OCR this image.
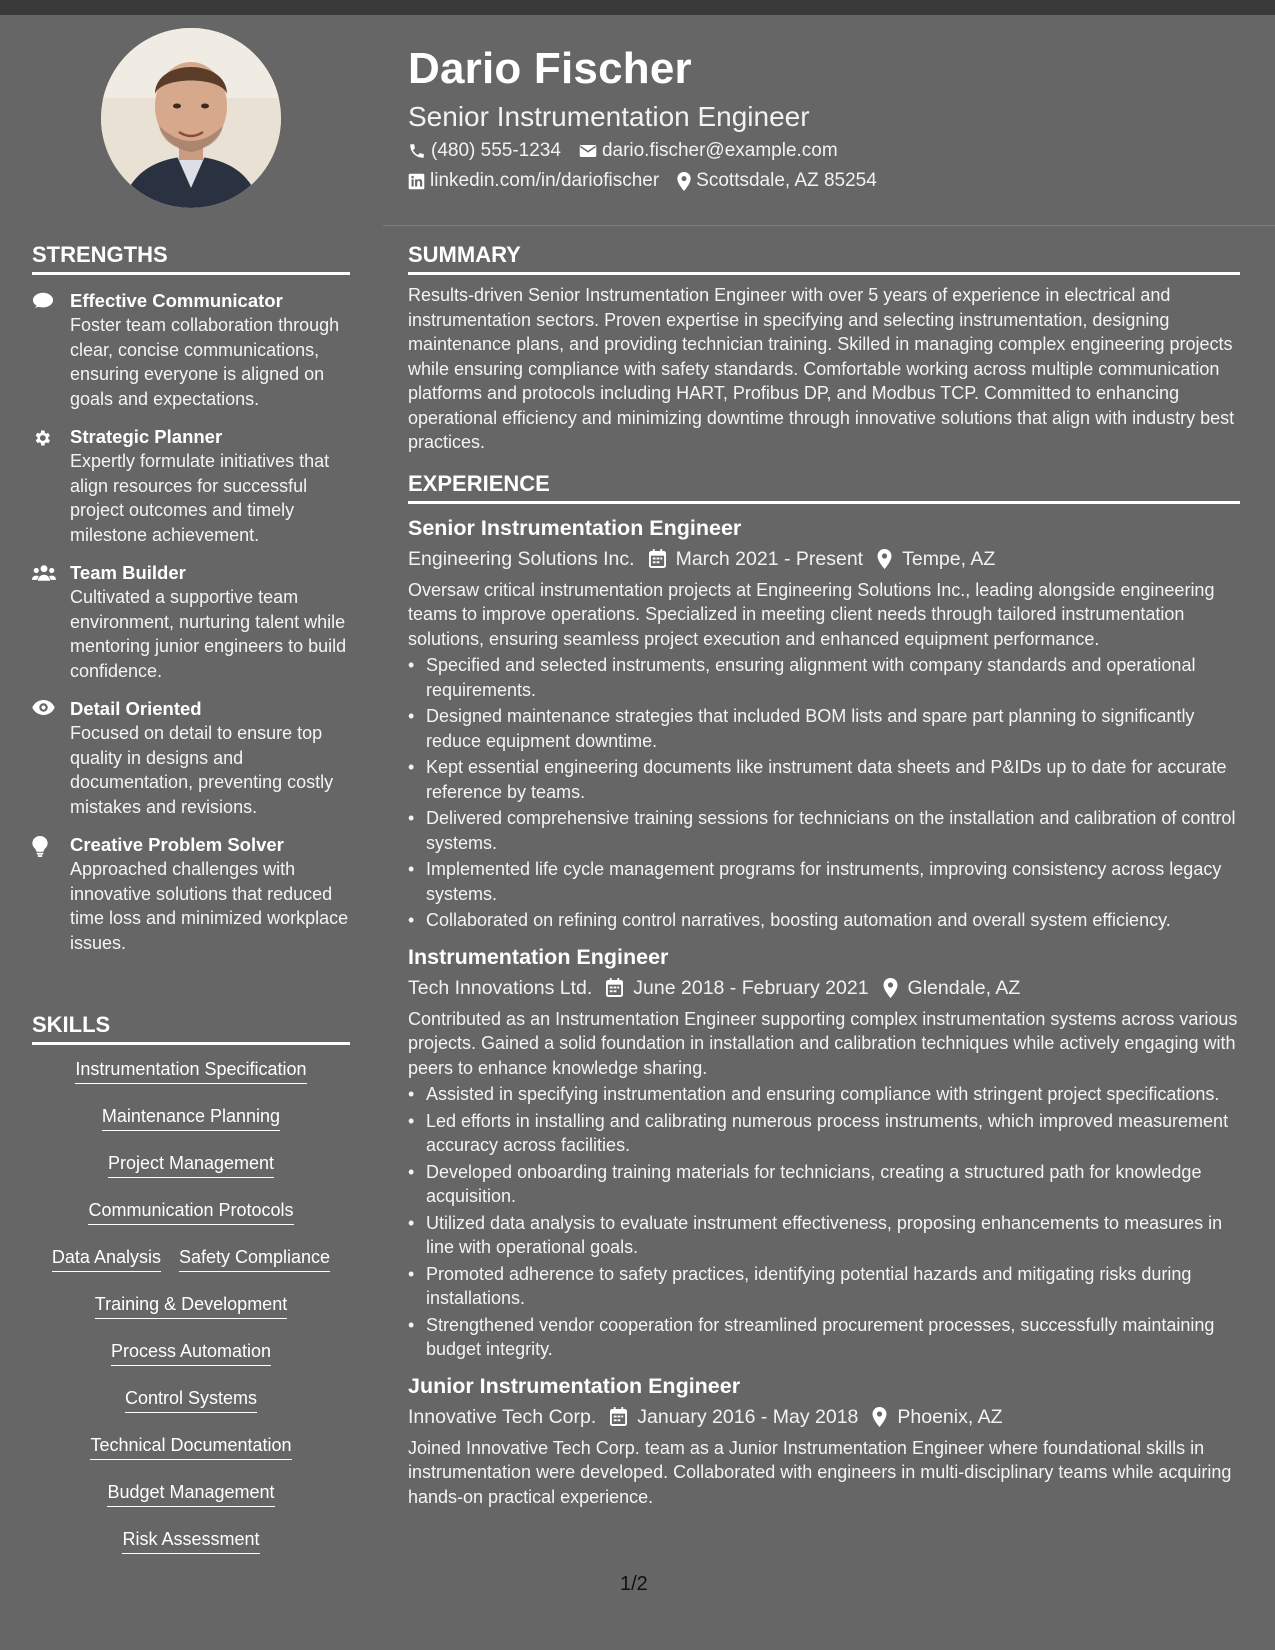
Dario Fischer
Senior Instrumentation Engineer
(480) 555-1234 dario.fischer@example.com
linkedin.com/in/dariofischer Scottsdale, AZ 85254
STRENGTHS
Effective Communicator
Foster team collaboration through clear, concise communications, ensuring everyone is aligned on goals and expectations.
Strategic Planner
Expertly formulate initiatives that align resources for successful project outcomes and timely milestone achievement.
Team Builder
Cultivated a supportive team environment, nurturing talent while mentoring junior engineers to build confidence.
Detail Oriented
Focused on detail to ensure top quality in designs and documentation, preventing costly mistakes and revisions.
Creative Problem Solver
Approached challenges with innovative solutions that reduced time loss and minimized workplace issues.
SKILLS
Instrumentation Specification
Maintenance Planning
Project Management
Communication Protocols
Data Analysis Safety Compliance
Training & Development
Process Automation
Control Systems
Technical Documentation
Budget Management
Risk Assessment
SUMMARY
Results-driven Senior Instrumentation Engineer with over 5 years of experience in electrical and instrumentation sectors. Proven expertise in specifying and selecting instrumentation, designing maintenance plans, and providing technician training. Skilled in managing complex engineering projects while ensuring compliance with safety standards. Comfortable working across multiple communication platforms and protocols including HART, Profibus DP, and Modbus TCP. Committed to enhancing operational efficiency and minimizing downtime through innovative solutions that align with industry best practices.
EXPERIENCE
Senior Instrumentation Engineer
Engineering Solutions Inc. March 2021 - Present Tempe, AZ
Oversaw critical instrumentation projects at Engineering Solutions Inc., leading alongside engineering teams to improve operations. Specialized in meeting client needs through tailored instrumentation solutions, ensuring seamless project execution and enhanced equipment performance.
• Specified and selected instruments, ensuring alignment with company standards and operational requirements.
• Designed maintenance strategies that included BOM lists and spare part planning to significantly reduce equipment downtime.
• Kept essential engineering documents like instrument data sheets and P&IDs up to date for accurate reference by teams.
• Delivered comprehensive training sessions for technicians on the installation and calibration of control systems.
• Implemented life cycle management programs for instruments, improving consistency across legacy systems.
• Collaborated on refining control narratives, boosting automation and overall system efficiency.
Instrumentation Engineer
Tech Innovations Ltd. June 2018 - February 2021 Glendale, AZ
Contributed as an Instrumentation Engineer supporting complex instrumentation systems across various projects. Gained a solid foundation in installation and calibration techniques while actively engaging with peers to enhance knowledge sharing.
• Assisted in specifying instrumentation and ensuring compliance with stringent project specifications.
• Led efforts in installing and calibrating numerous process instruments, which improved measurement accuracy across facilities.
• Developed onboarding training materials for technicians, creating a structured path for knowledge acquisition.
• Utilized data analysis to evaluate instrument effectiveness, proposing enhancements to measures in line with operational goals.
• Promoted adherence to safety practices, identifying potential hazards and mitigating risks during installations.
• Strengthened vendor cooperation for streamlined procurement processes, successfully maintaining budget integrity.
Junior Instrumentation Engineer
Innovative Tech Corp. January 2016 - May 2018 Phoenix, AZ
Joined Innovative Tech Corp. team as a Junior Instrumentation Engineer where foundational skills in instrumentation were developed. Collaborated with engineers in multi-disciplinary teams while acquiring hands-on practical experience.
1/2
